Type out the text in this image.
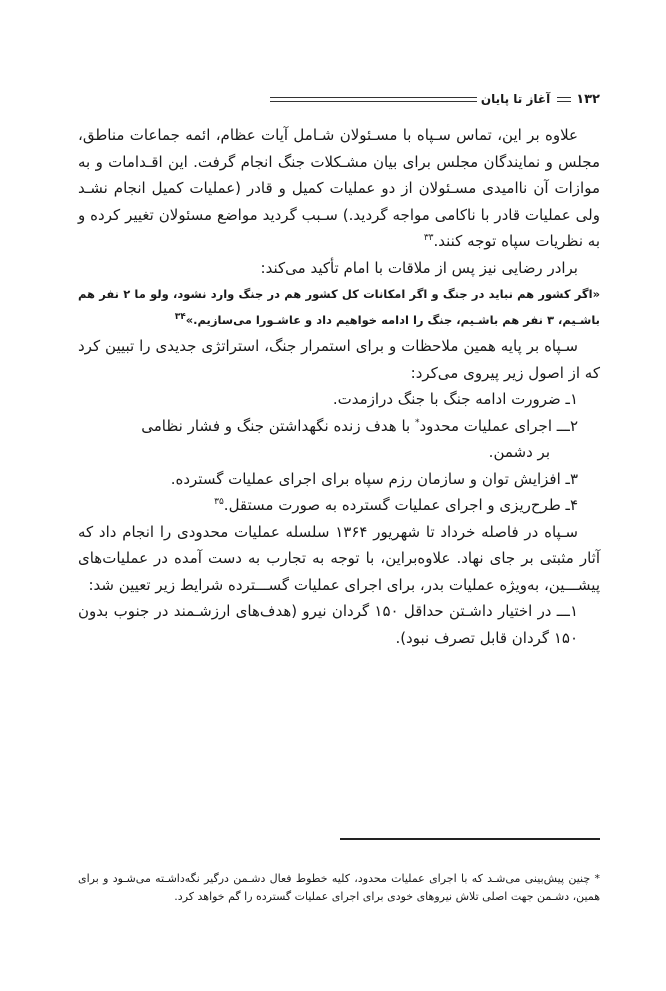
۱۳۲
آغاز تا پایان

علاوه بر این، تماس سـپاه با مسـئولان شـامل آیات عظام، ائمه جماعات مناطق، مجلس و نمایندگان مجلس برای بیان مشـکلات جنگ انجام گرفت. این اقـدامات و به موازات آن ناامیدی مسـئولان از دو عملیات کمیل و قادر (عملیات کمیل انجام نشـد ولی عملیات قادر با ناکامی مواجه گردید.) سـبب گردید مواضع مسئولان تغییر کرده و به نظریات سپاه توجه کنند.$^{۳۳}$

برادر رضایی نیز پس از ملاقات با امام تأکید می‌کند:

«اگر کشور هم نباید در جنگ و اگر امکانات کل کشور هم در جنگ وارد نشود، ولو ما ۲ نفر هم باشـیم، ۳ نفر هم باشـیم، جنگ را ادامه خواهیم داد و عاشـورا می‌سازیم.»$^{۳۴}$

سـپاه بر پایه همین ملاحظات و برای استمرار جنگ، استراتژی جدیدی را تبیین کرد که از اصول زیر پیروی می‌کرد:

۱ـ ضرورت ادامه جنگ با جنگ درازمدت.

۲ـــ اجرای عملیات محدود* با هدف زنده نگهداشتن جنگ و فشار نظامی

بر دشمن.

۳ـ افزایش توان و سازمان رزم سپاه برای اجرای عملیات گسترده.

۴ـ طرح‌ریزی و اجرای عملیات گسترده به صورت مستقل.$^{۳۵}$

سـپاه در فاصله خرداد تا شهریور ۱۳۶۴ سلسله عملیات محدودی را انجام داد که آثار مثبتی بر جای نهاد. علاوه‌براین، با توجه به تجارب به دست آمده در عملیات‌های پیشـــین، به‌ویژه عملیات بدر، برای اجرای عملیات گســـترده شرایط زیر تعیین شد:

۱ـــ در اختیار داشـتن حداقل ۱۵۰ گردان نیرو (هدف‌های ارزشـمند در جنوب بدون ۱۵۰ گردان قابل تصرف نبود).

* چنین پیش‌بینی می‌شـد که با اجرای عملیات محدود، کلیه خطوط فعال دشـمن درگیر نگه‌داشـته می‌شـود و برای همین، دشـمن جهت اصلی تلاش نیروهای خودی برای اجرای عملیات گسترده را گم خواهد کرد.
